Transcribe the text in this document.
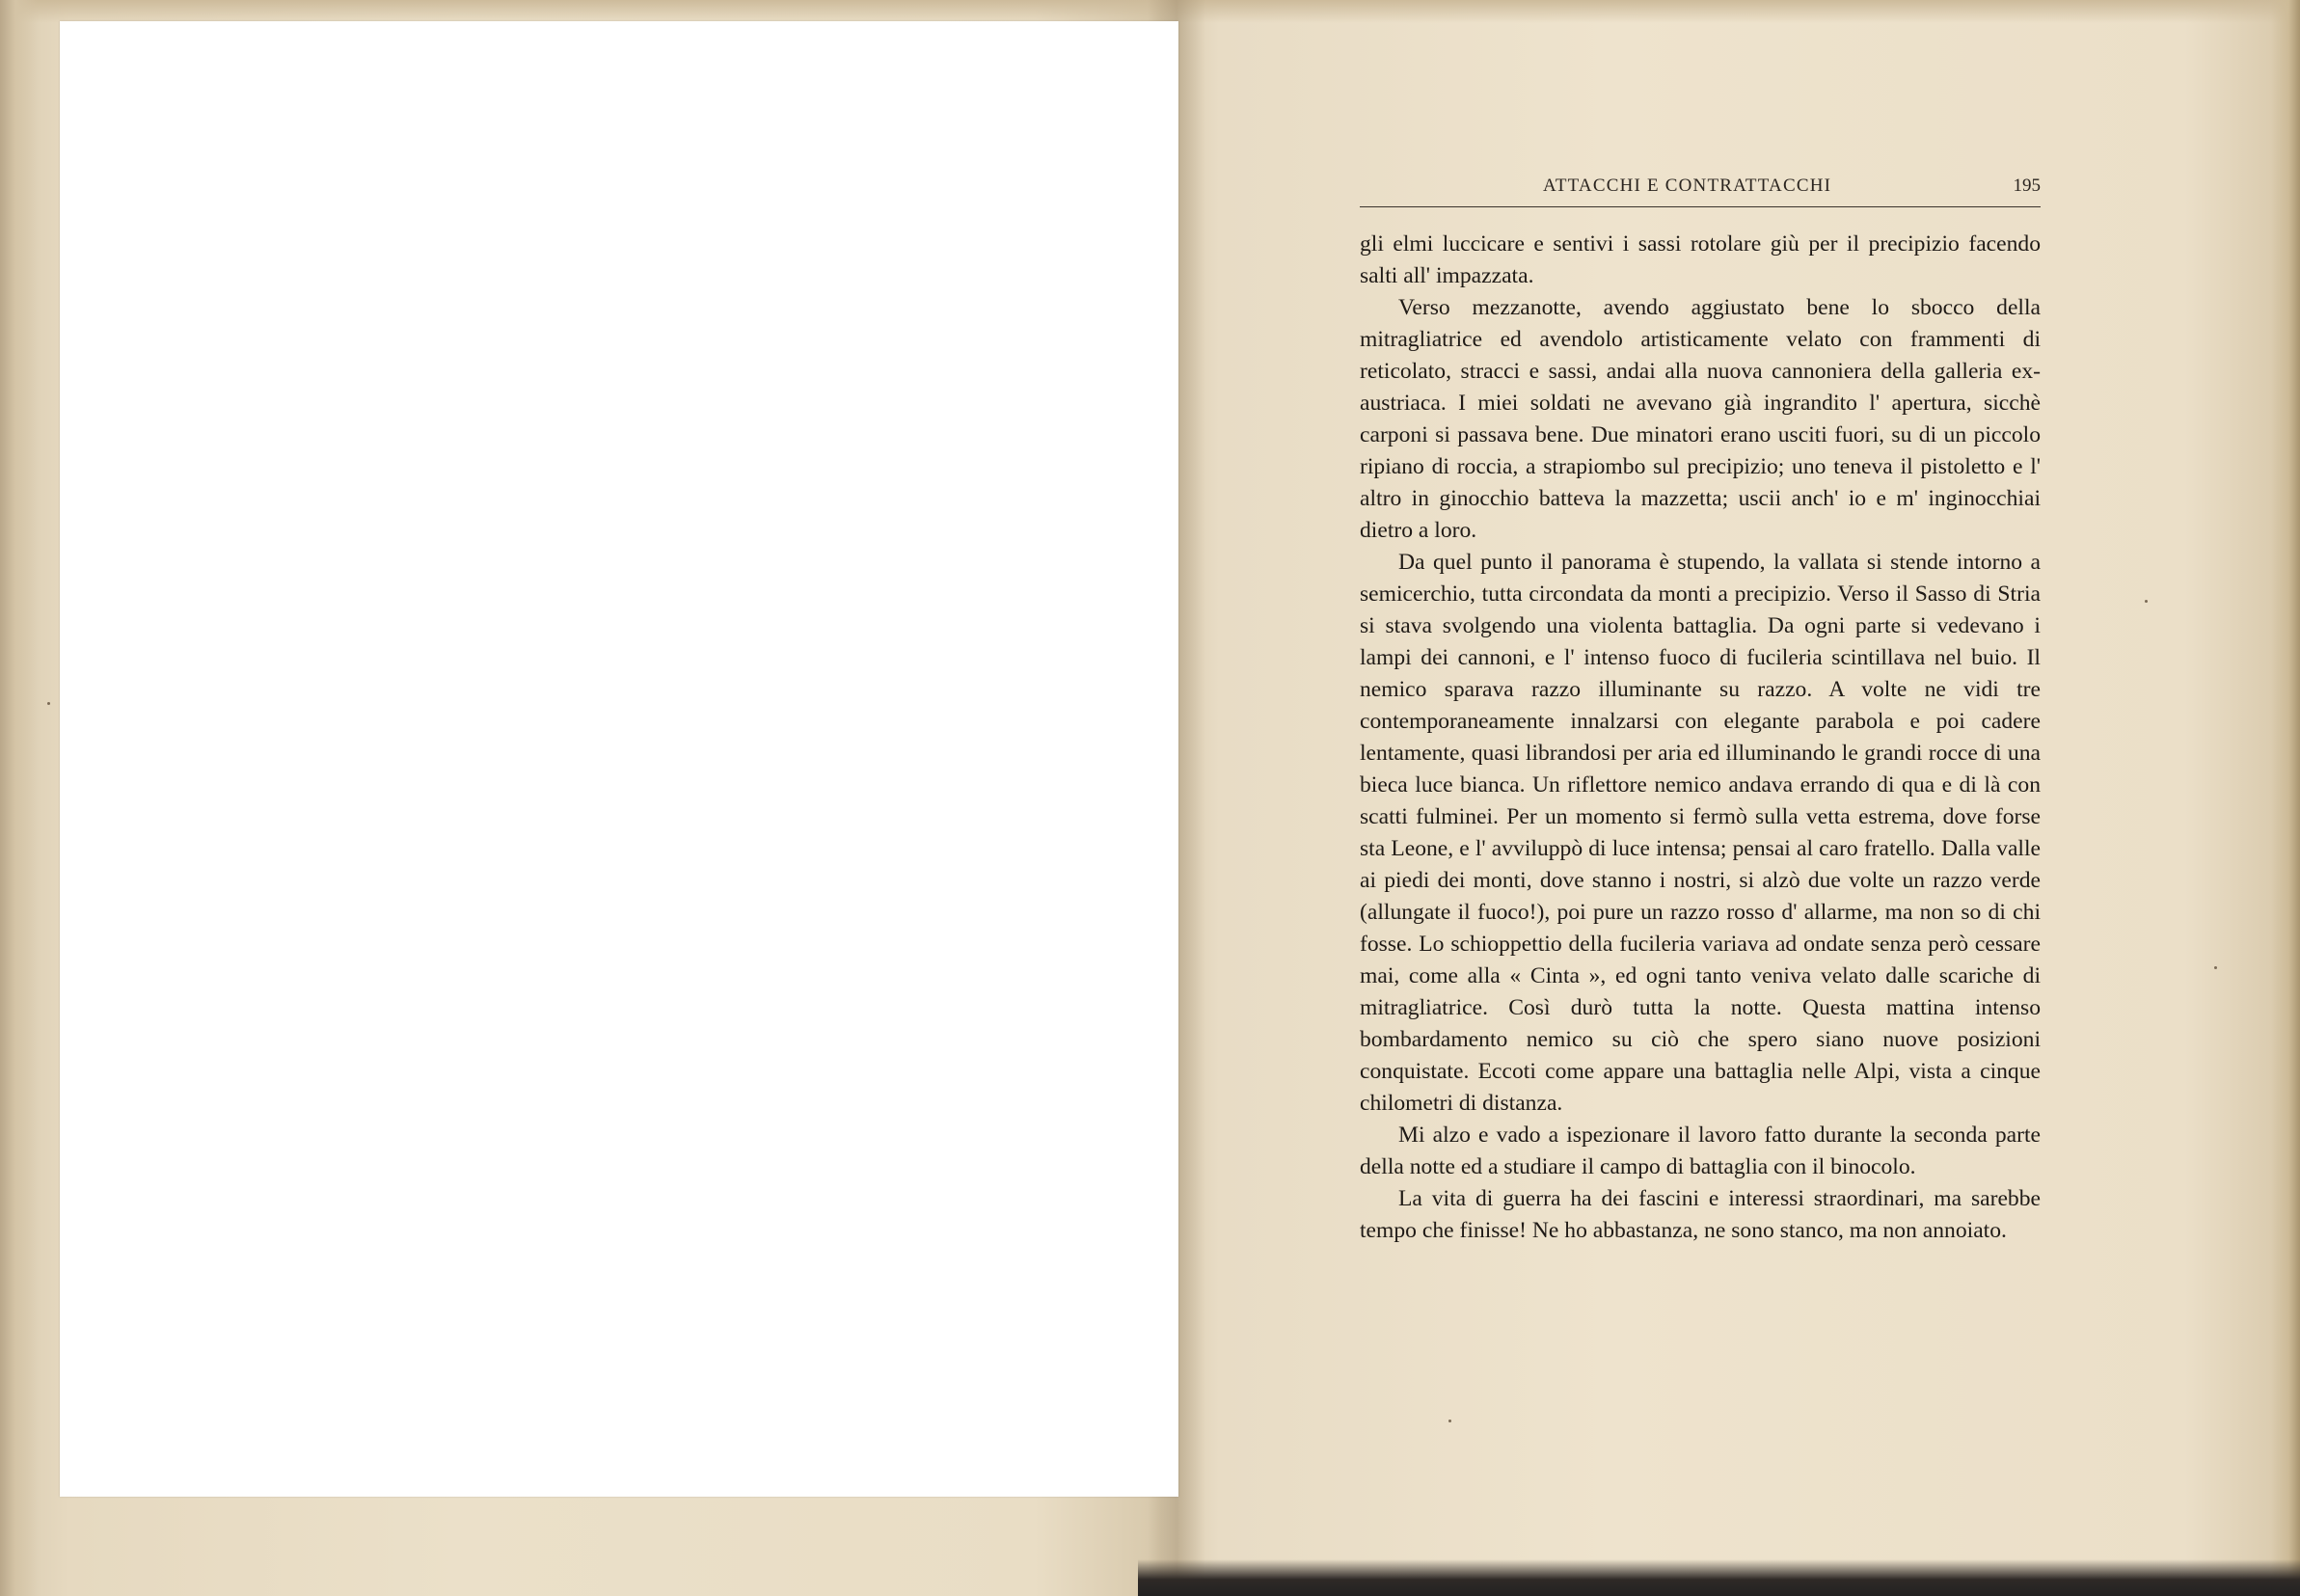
ATTACCHI E CONTRATTACCHI	195

gli elmi luccicare e sentivi i sassi rotolare giù per il precipizio facendo salti all' impazzata.

Verso mezzanotte, avendo aggiustato bene lo sbocco della mitragliatrice ed avendolo artisticamente velato con frammenti di reticolato, stracci e sassi, andai alla nuova cannoniera della galleria ex-austriaca. I miei soldati ne avevano già ingrandito l' apertura, sicchè carponi si passava bene. Due minatori erano usciti fuori, su di un piccolo ripiano di roccia, a strapiombo sul precipizio; uno teneva il pistoletto e l' altro in ginocchio batteva la mazzetta; uscii anch' io e m' inginocchiai dietro a loro.

Da quel punto il panorama è stupendo, la vallata si stende intorno a semicerchio, tutta circondata da monti a precipizio. Verso il Sasso di Stria si stava svolgendo una violenta battaglia. Da ogni parte si vedevano i lampi dei cannoni, e l' intenso fuoco di fucileria scintillava nel buio. Il nemico sparava razzo illuminante su razzo. A volte ne vidi tre contemporaneamente innalzarsi con elegante parabola e poi cadere lentamente, quasi librandosi per aria ed illuminando le grandi rocce di una bieca luce bianca. Un riflettore nemico andava errando di qua e di là con scatti fulminei. Per un momento si fermò sulla vetta estrema, dove forse sta Leone, e l' avviluppò di luce intensa; pensai al caro fratello. Dalla valle ai piedi dei monti, dove stanno i nostri, si alzò due volte un razzo verde (allungate il fuoco!), poi pure un razzo rosso d' allarme, ma non so di chi fosse. Lo schioppettio della fucileria variava ad ondate senza però cessare mai, come alla « Cinta », ed ogni tanto veniva velato dalle scariche di mitragliatrice. Così durò tutta la notte. Questa mattina intenso bombardamento nemico su ciò che spero siano nuove posizioni conquistate. Eccoti come appare una battaglia nelle Alpi, vista a cinque chilometri di distanza.

Mi alzo e vado a ispezionare il lavoro fatto durante la seconda parte della notte ed a studiare il campo di battaglia con il binocolo.

La vita di guerra ha dei fascini e interessi straordinari, ma sarebbe tempo che finisse! Ne ho abbastanza, ne sono stanco, ma non annoiato.
